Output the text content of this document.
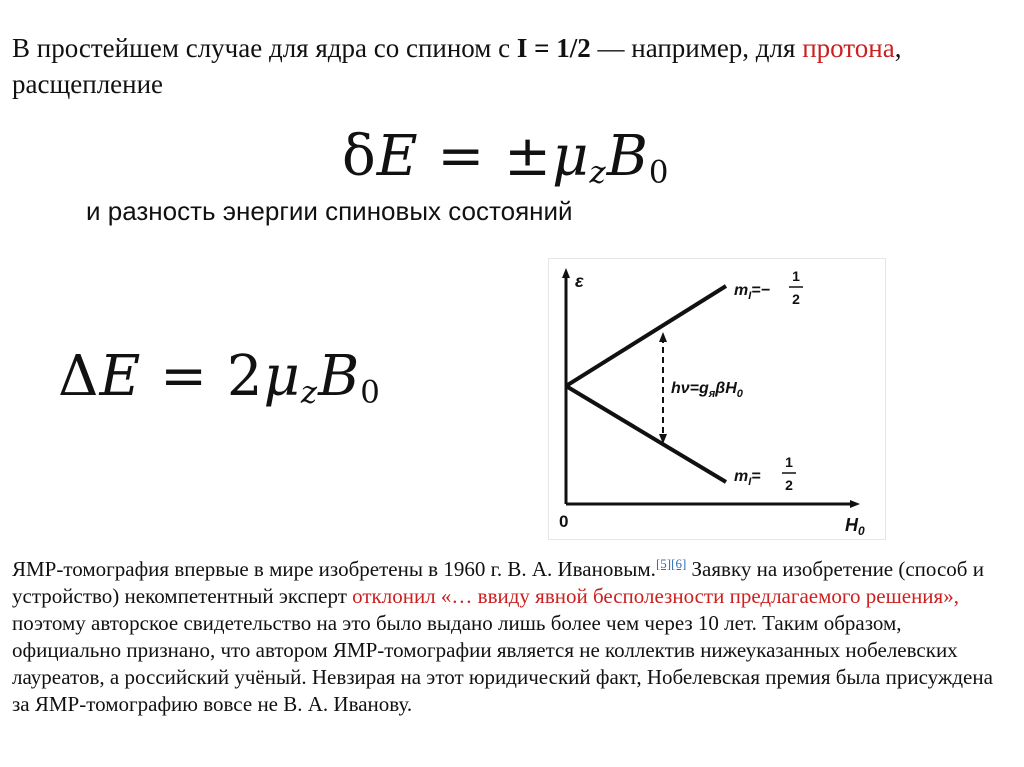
В простейшем случае для ядра со спином с I = 1/2 — например, для протона, расщепление

$\delta E = \pm\mu_zB_0$

и разность энергии спиновых состояний

$\Delta E = 2\mu_zB_0$
ε
0	$H_0$
$m_I=-$
1
2
$m_I=$
1
2
$h\nu=g_я\beta H_0$

ЯМР-томография впервые в мире изобретены в 1960 г. В. А. Ивановым.[5][6] Заявку на изобретение (способ и устройство) некомпетентный эксперт отклонил «… ввиду явной бесполезности предлагаемого решения», поэтому авторское свидетельство на это было выдано лишь более чем через 10 лет. Таким образом, официально признано, что автором ЯМР-томографии является не коллектив нижеуказанных нобелевских лауреатов, а российский учёный. Невзирая на этот юридический факт, Нобелевская премия была присуждена за ЯМР-томографию вовсе не В. А. Иванову.
